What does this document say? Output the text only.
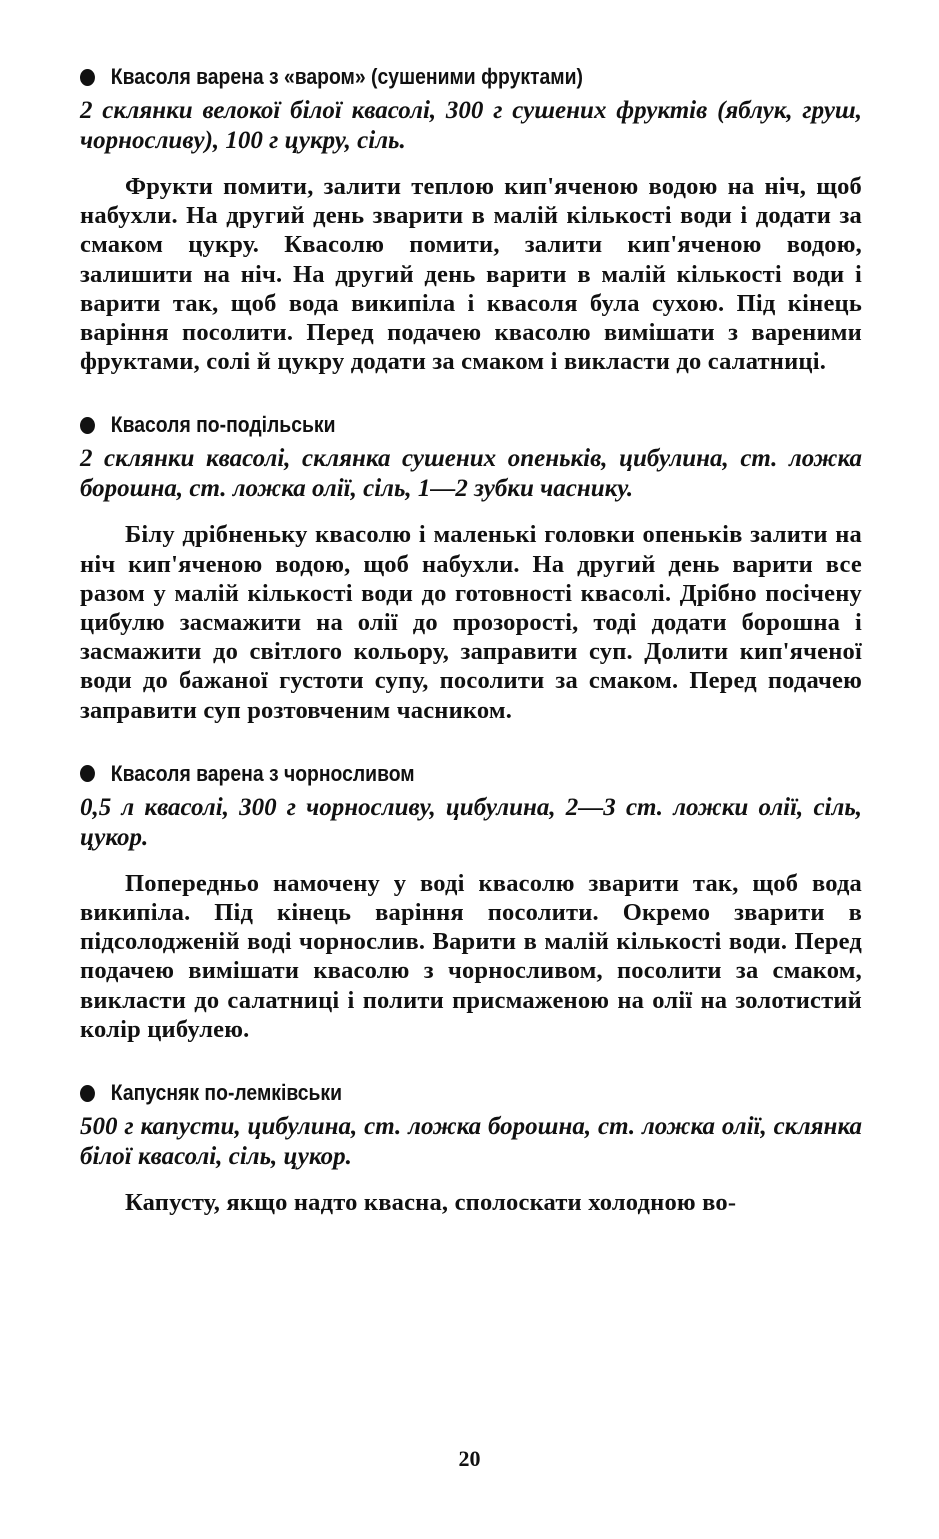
Квасоля варена з «варом» (сушеними фруктами)
2 склянки велокої білої квасолі, 300 г сушених фруктів (яблук, груш, чорносливу), 100 г цукру, сіль.
Фрукти помити, залити теплою кип'яченою водою на ніч, щоб набухли. На другий день зварити в малій кількості води і додати за смаком цукру. Квасолю помити, залити кип'яченою водою, залишити на ніч. На другий день варити в малій кількості води і варити так, щоб вода википіла і квасоля була сухою. Під кінець варіння посолити. Перед подачею квасолю вимішати з вареними фруктами, солі й цукру додати за смаком і викласти до салатниці.
Квасоля по-подільськи
2 склянки квасолі, склянка сушених опеньків, цибулина, ст. ложка борошна, ст. ложка олії, сіль, 1—2 зубки часнику.
Білу дрібненьку квасолю і маленькі головки опеньків залити на ніч кип'яченою водою, щоб набухли. На другий день варити все разом у малій кількості води до готовності квасолі. Дрібно посічену цибулю засмажити на олії до прозорості, тоді додати борошна і засмажити до світлого кольору, заправити суп. Долити кип'яченої води до бажаної густоти супу, посолити за смаком. Перед подачею заправити суп розтовченим часником.
Квасоля варена з чорносливом
0,5 л квасолі, 300 г чорносливу, цибулина, 2—3 ст. ложки олії, сіль, цукор.
Попередньо намочену у воді квасолю зварити так, щоб вода википіла. Під кінець варіння посолити. Окремо зварити в підсолодженій воді чорнослив. Варити в малій кількості води. Перед подачею вимішати квасолю з чорносливом, посолити за смаком, викласти до салатниці і полити присмаженою на олії на золотистий колір цибулею.
Капусняк по-лемківськи
500 г капусти, цибулина, ст. ложка борошна, ст. ложка олії, склянка білої квасолі, сіль, цукор.
Капусту, якщо надто квасна, сполоскати холодною во-
20
